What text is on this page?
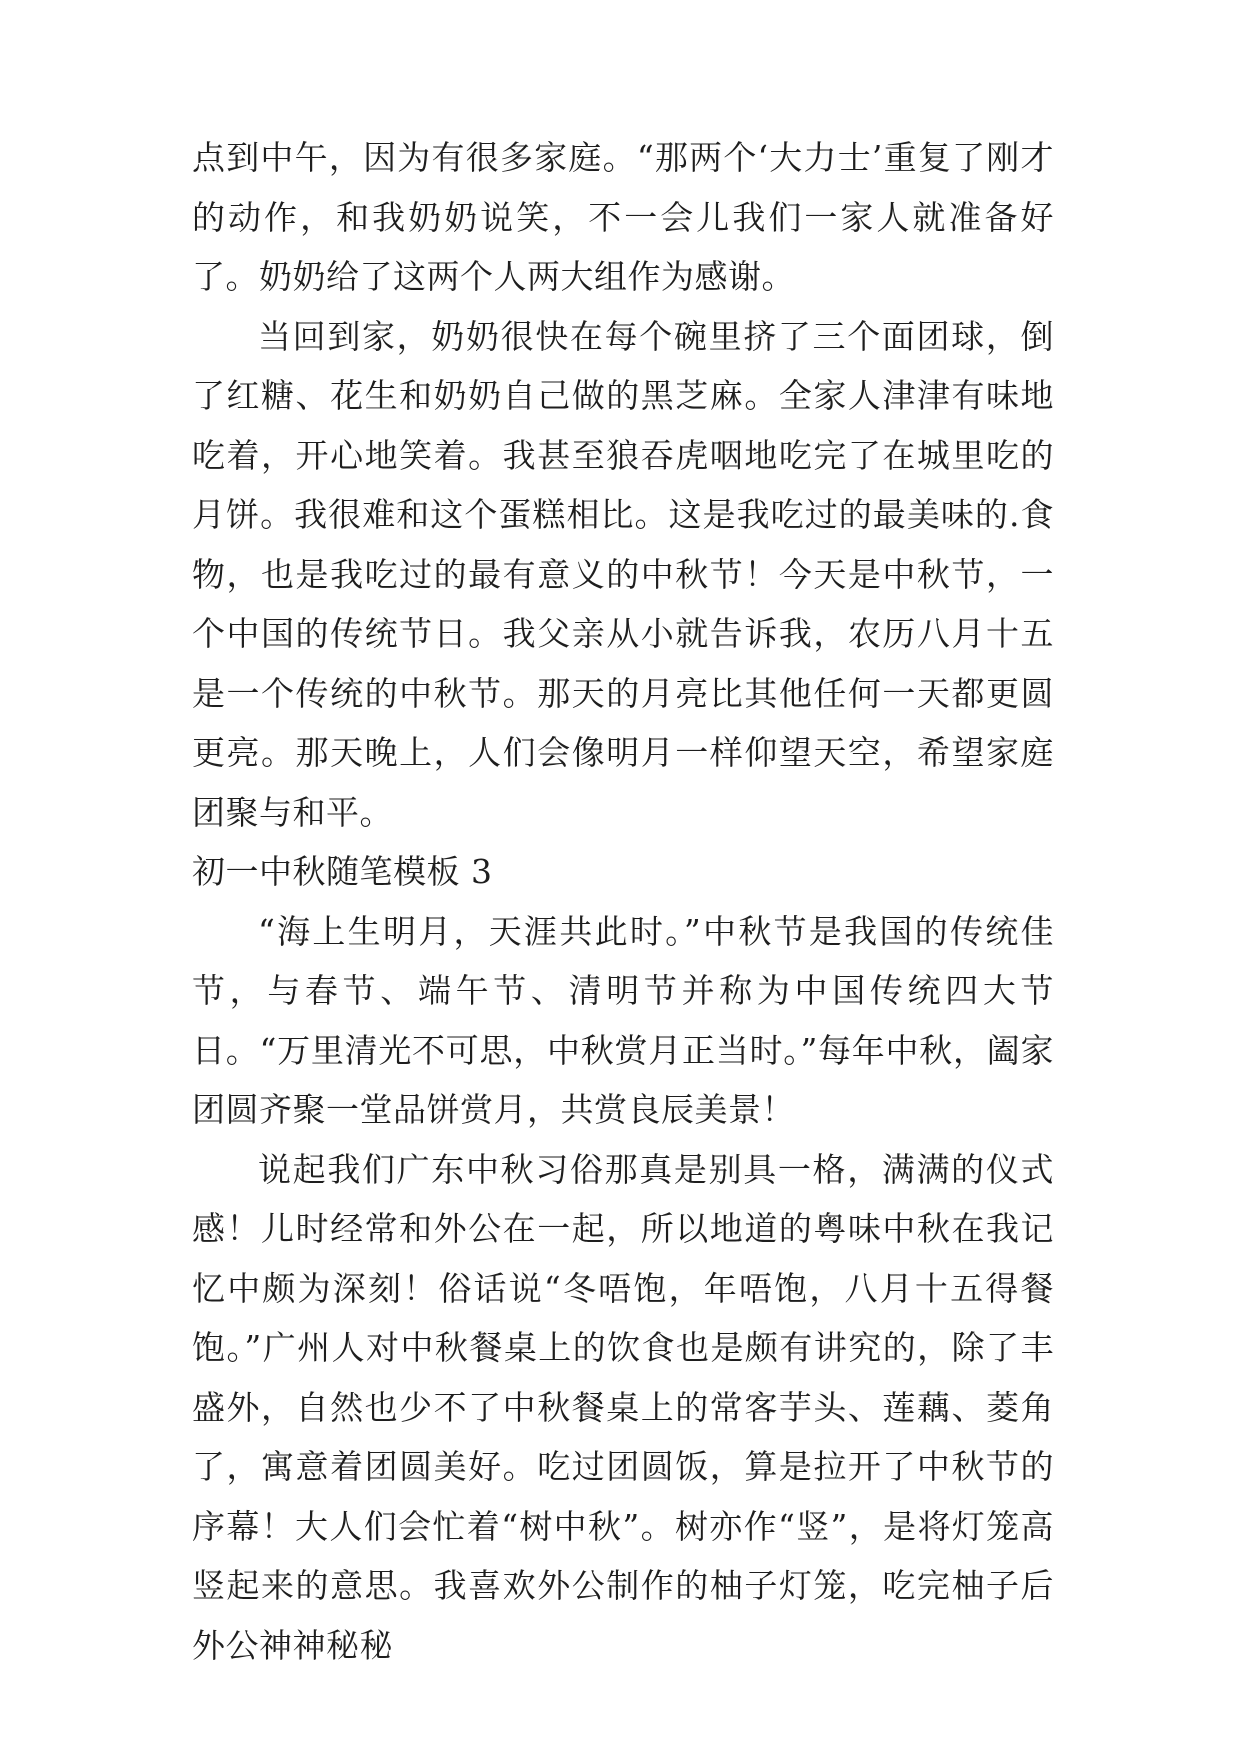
点到中午，因为有很多家庭。“那两个‘大力士’重复了刚才的动作，和我奶奶说笑，不一会儿我们一家人就准备好了。奶奶给了这两个人两大组作为感谢。

当回到家，奶奶很快在每个碗里挤了三个面团球，倒了红糖、花生和奶奶自己做的黑芝麻。全家人津津有味地吃着，开心地笑着。我甚至狼吞虎咽地吃完了在城里吃的月饼。我很难和这个蛋糕相比。这是我吃过的最美味的.食物，也是我吃过的最有意义的中秋节！今天是中秋节，一个中国的传统节日。我父亲从小就告诉我，农历八月十五是一个传统的中秋节。那天的月亮比其他任何一天都更圆更亮。那天晚上，人们会像明月一样仰望天空，希望家庭团聚与和平。

初一中秋随笔模板 3

“海上生明月，天涯共此时。”中秋节是我国的传统佳节，与春节、端午节、清明节并称为中国传统四大节日。“万里清光不可思，中秋赏月正当时。”每年中秋，阖家团圆齐聚一堂品饼赏月，共赏良辰美景！

说起我们广东中秋习俗那真是别具一格，满满的仪式感！儿时经常和外公在一起，所以地道的粤味中秋在我记忆中颇为深刻！俗话说“冬唔饱，年唔饱，八月十五得餐饱。”广州人对中秋餐桌上的饮食也是颇有讲究的，除了丰盛外，自然也少不了中秋餐桌上的常客芋头、莲藕、菱角了，寓意着团圆美好。吃过团圆饭，算是拉开了中秋节的序幕！大人们会忙着“树中秋”。树亦作“竖”，是将灯笼高竖起来的意思。我喜欢外公制作的柚子灯笼，吃完柚子后外公神神秘秘
